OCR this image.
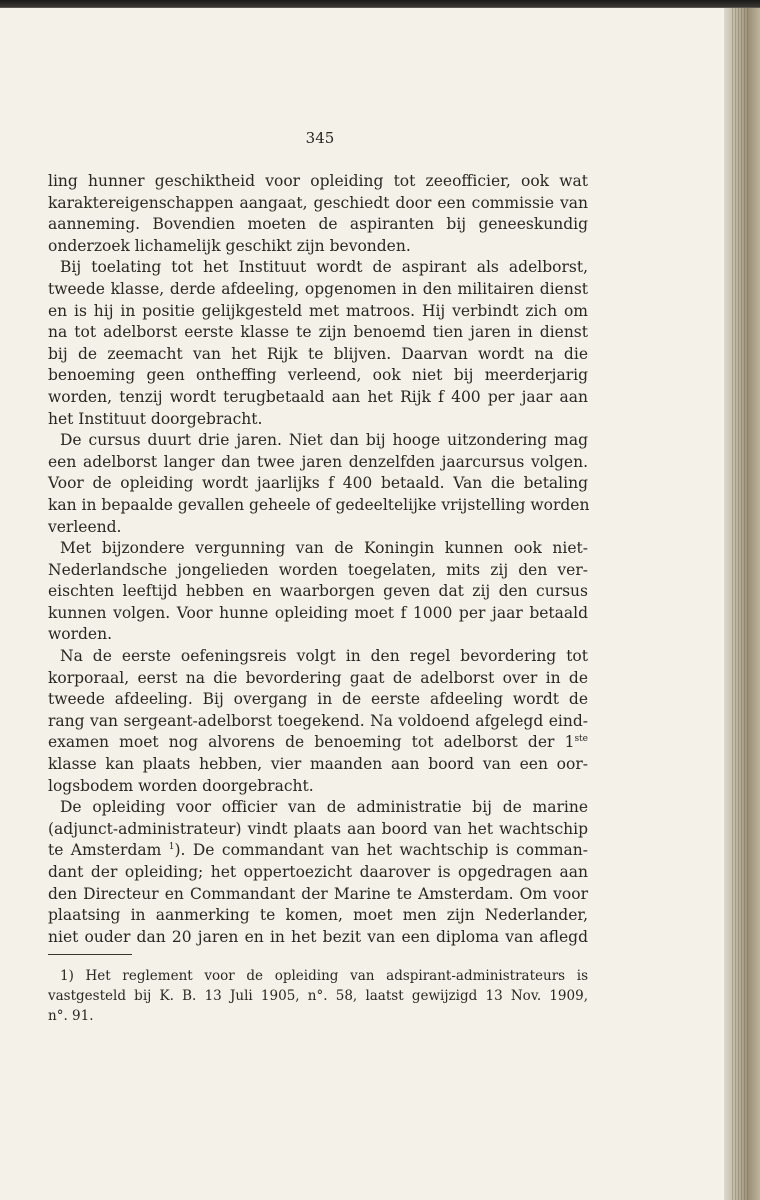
345
ling hunner geschiktheid voor opleiding tot zeeofficier, ook wat
karaktereigenschappen aangaat, geschiedt door een commissie van
aanneming. Bovendien moeten de aspiranten bij geneeskundig
onderzoek lichamelijk geschikt zijn bevonden.
Bij toelating tot het Instituut wordt de aspirant als adelborst,
tweede klasse, derde afdeeling, opgenomen in den militairen dienst
en is hij in positie gelijkgesteld met matroos. Hij verbindt zich om
na tot adelborst eerste klasse te zijn benoemd tien jaren in dienst
bij de zeemacht van het Rijk te blijven. Daarvan wordt na die
benoeming geen ontheffing verleend, ook niet bij meerderjarig
worden, tenzij wordt terugbetaald aan het Rijk f 400 per jaar aan
het Instituut doorgebracht.
De cursus duurt drie jaren. Niet dan bij hooge uitzondering mag
een adelborst langer dan twee jaren denzelfden jaarcursus volgen.
Voor de opleiding wordt jaarlijks f 400 betaald. Van die betaling
kan in bepaalde gevallen geheele of gedeeltelijke vrijstelling worden
verleend.
Met bijzondere vergunning van de Koningin kunnen ook niet-
Nederlandsche jongelieden worden toegelaten, mits zij den ver-
eischten leeftijd hebben en waarborgen geven dat zij den cursus
kunnen volgen. Voor hunne opleiding moet f 1000 per jaar betaald
worden.
Na de eerste oefeningsreis volgt in den regel bevordering tot
korporaal, eerst na die bevordering gaat de adelborst over in de
tweede afdeeling. Bij overgang in de eerste afdeeling wordt de
rang van sergeant-adelborst toegekend. Na voldoend afgelegd eind-
examen moet nog alvorens de benoeming tot adelborst der 1ste
klasse kan plaats hebben, vier maanden aan boord van een oor-
logsbodem worden doorgebracht.
De opleiding voor officier van de administratie bij de marine
(adjunct-administrateur) vindt plaats aan boord van het wachtschip
te Amsterdam $^1$). De commandant van het wachtschip is comman-
dant der opleiding; het oppertoezicht daarover is opgedragen aan
den Directeur en Commandant der Marine te Amsterdam. Om voor
plaatsing in aanmerking te komen, moet men zijn Nederlander,
niet ouder dan 20 jaren en in het bezit van een diploma van aflegd
1) Het reglement voor de opleiding van adspirant-administrateurs is
vastgesteld bij K. B. 13 Juli 1905, n°. 58, laatst gewijzigd 13 Nov. 1909,
n°. 91.
